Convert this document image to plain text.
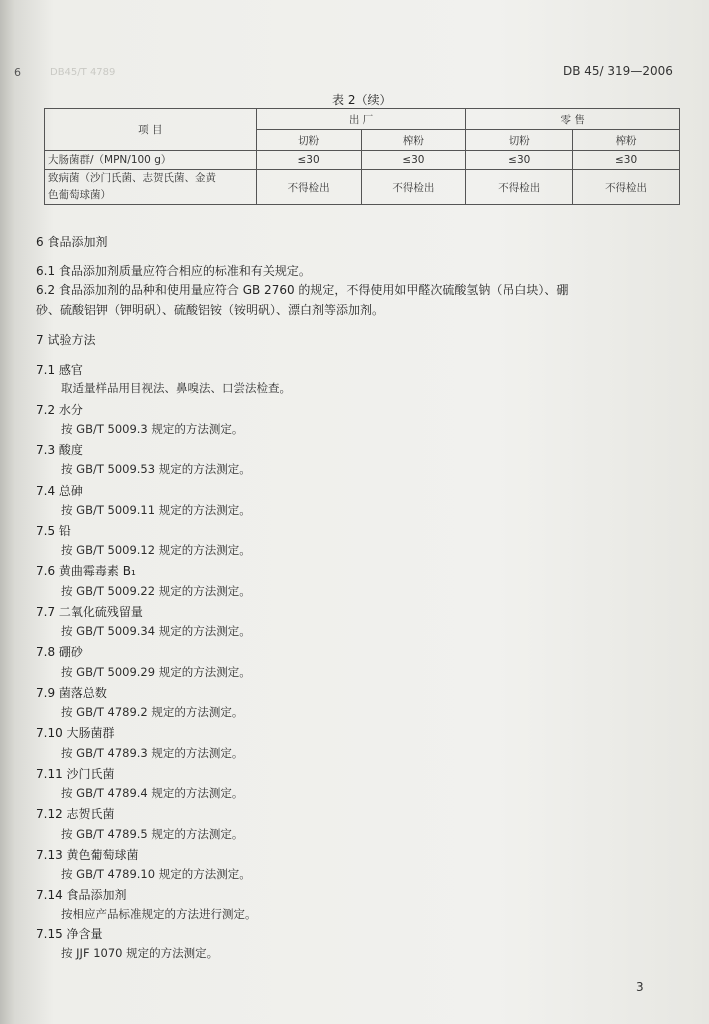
6	DB45/T 4789	DB 45/ 319—2006
表 2（续）
项 目	出 厂		零 售	
	切粉	榨粉	切粉	榨粉
大肠菌群/（MPN/100 g）	≤30	≤30	≤30	≤30
致病菌（沙门氏菌、志贺氏菌、金黄
色葡萄球菌）	不得检出	不得检出	不得检出	不得检出
6 食品添加剂
6.1 食品添加剂质量应符合相应的标准和有关规定。
6.2 食品添加剂的品种和使用量应符合 GB 2760 的规定，不得使用如甲醛次硫酸氢钠（吊白块）、硼
砂、硫酸铝钾（钾明矾）、硫酸铝铵（铵明矾）、漂白剂等添加剂。
7 试验方法
7.1 感官
取适量样品用目视法、鼻嗅法、口尝法检查。
7.2 水分
按 GB/T 5009.3 规定的方法测定。
7.3 酸度
按 GB/T 5009.53 规定的方法测定。
7.4 总砷
按 GB/T 5009.11 规定的方法测定。
7.5 铅
按 GB/T 5009.12 规定的方法测定。
7.6 黄曲霉毒素 B₁
按 GB/T 5009.22 规定的方法测定。
7.7 二氧化硫残留量
按 GB/T 5009.34 规定的方法测定。
7.8 硼砂
按 GB/T 5009.29 规定的方法测定。
7.9 菌落总数
按 GB/T 4789.2 规定的方法测定。
7.10 大肠菌群
按 GB/T 4789.3 规定的方法测定。
7.11 沙门氏菌
按 GB/T 4789.4 规定的方法测定。
7.12 志贺氏菌
按 GB/T 4789.5 规定的方法测定。
7.13 黄色葡萄球菌
按 GB/T 4789.10 规定的方法测定。
7.14 食品添加剂
按相应产品标准规定的方法进行测定。
7.15 净含量
按 JJF 1070 规定的方法测定。
3
